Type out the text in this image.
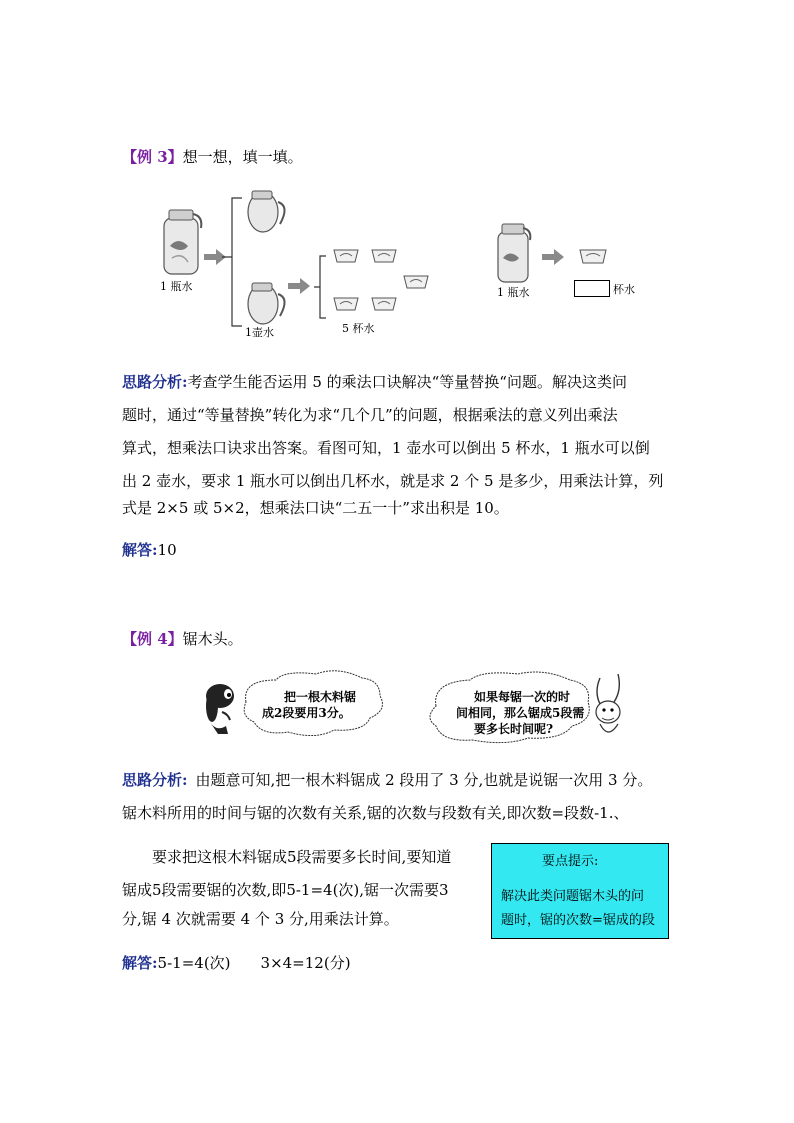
【例 3】想一想，填一填。
1 瓶水
1壶水	5 杯水
1 瓶水	杯水
思路分析:考查学生能否运用 5 的乘法口诀解决“等量替换“问题。解决这类问
题时，通过“等量替换”转化为求“几个几”的问题，根据乘法的意义列出乘法
算式，想乘法口诀求出答案。看图可知，1 壶水可以倒出 5 杯水，1 瓶水可以倒
出 2 壶水，要求 1 瓶水可以倒出几杯水，就是求 2 个 5 是多少，用乘法计算，列
式是 2×5 或 5×2，想乘法口诀“二五一十”求出积是 10。
解答:10
【例 4】锯木头。
把一根木料锯
成2段要用3分。
如果每锯一次的时
间相同，那么锯成5段需
要多长时间呢?
思路分析: 由题意可知,把一根木料锯成 2 段用了 3 分,也就是说锯一次用 3 分。
锯木料所用的时间与锯的次数有关系,锯的次数与段数有关,即次数=段数-1.、
要求把这根木料锯成5段需要多长时间,要知道
锯成5段需要锯的次数,即5-1=4(次),锯一次需要3
分,锯 4 次就需要 4 个 3 分,用乘法计算。
要点提示:
解决此类问题锯木头的问
题时，锯的次数=锯成的段
解答:5-1=4(次) 3×4=12(分)
